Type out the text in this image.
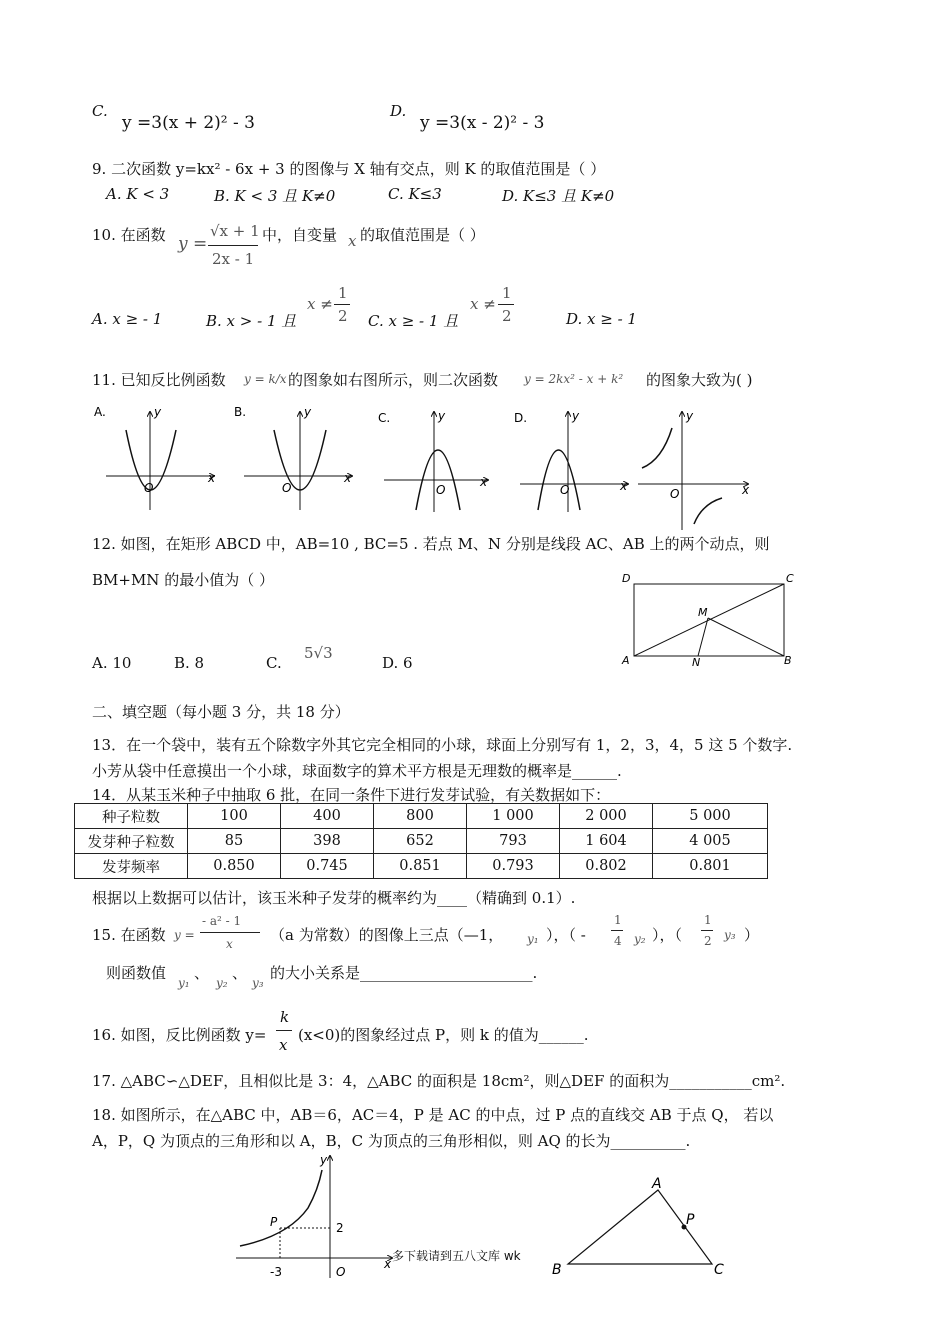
C.
y =3(x + 2)² - 3
D.
y =3(x - 2)² - 3
9. 二次函数 y=kx² - 6x + 3 的图像与 X 轴有交点，则 K 的取值范围是（ ）
A. K < 3	B. K < 3 且 K≠0	C. K≤3	D. K≤3 且 K≠0
10. 在函数 y =
√x + 1
2x - 1
中，自变量 x 的取值范围是（ ）
A. x ≥ - 1	B. x > - 1 且
x ≠
1
2 C. x ≥ - 1 且
x ≠
1
2	D. x ≥ - 1
11. 已知反比例函数 y = k/x 的图象如右图所示，则二次函数 y = 2kx² - x + k² 的图象大致为( )
A.	y
x
O
B.	y
x
O
C.	y
x
O
D.	y
x
O
y
x
O
12. 如图，在矩形 ABCD 中，AB=10 , BC=5 . 若点 M、N 分别是线段 AC、AB 上的两个动点，则
BM+MN 的最小值为（ ）
A. 10	B. 8	C.
5√3
D. 6
D	C
M
A	N	B
二、填空题（每小题 3 分，共 18 分）
13．在一个袋中，装有五个除数字外其它完全相同的小球，球面上分别写有 1，2，3，4，5 这 5 个数字.
小芳从袋中任意摸出一个小球，球面数字的算术平方根是无理数的概率是______.
14．从某玉米种子中抽取 6 批，在同一条件下进行发芽试验，有关数据如下：
种子粒数	100	400	800	1 000	2 000	5 000
发芽种子粒数	85	398	652	793	1 604	4 005
发芽频率	0.850	0.745	0.851	0.793	0.802	0.801
根据以上数据可以估计，该玉米种子发芽的概率约为____（精确到 0.1）.
15. 在函数 y =
- a² - 1
x （a 为常数）的图像上三点（—1， y₁ ），（ -
1
4 y₂ ），（
1
2 y₃ ）
则函数值
y₁
、
y₂
、
y₃
的大小关系是_______________________.
16. 如图，反比例函数 y=
k
x
(x<0)的图象经过点 P，则 k 的值为______.
17. △ABC∽△DEF，且相似比是 3：4，△ABC 的面积是 18cm²，则△DEF 的面积为___________cm².
18. 如图所示，在△ABC 中，AB＝6，AC＝4，P 是 AC 的中点，过 P 点的直线交 AB 于点 Q， 若以
A，P，Q 为顶点的三角形和以 A，B，C 为顶点的三角形相似，则 AQ 的长为__________.
y
x
P	2
-3	O
多下载请到五八文库 wk
A
B	C
P
